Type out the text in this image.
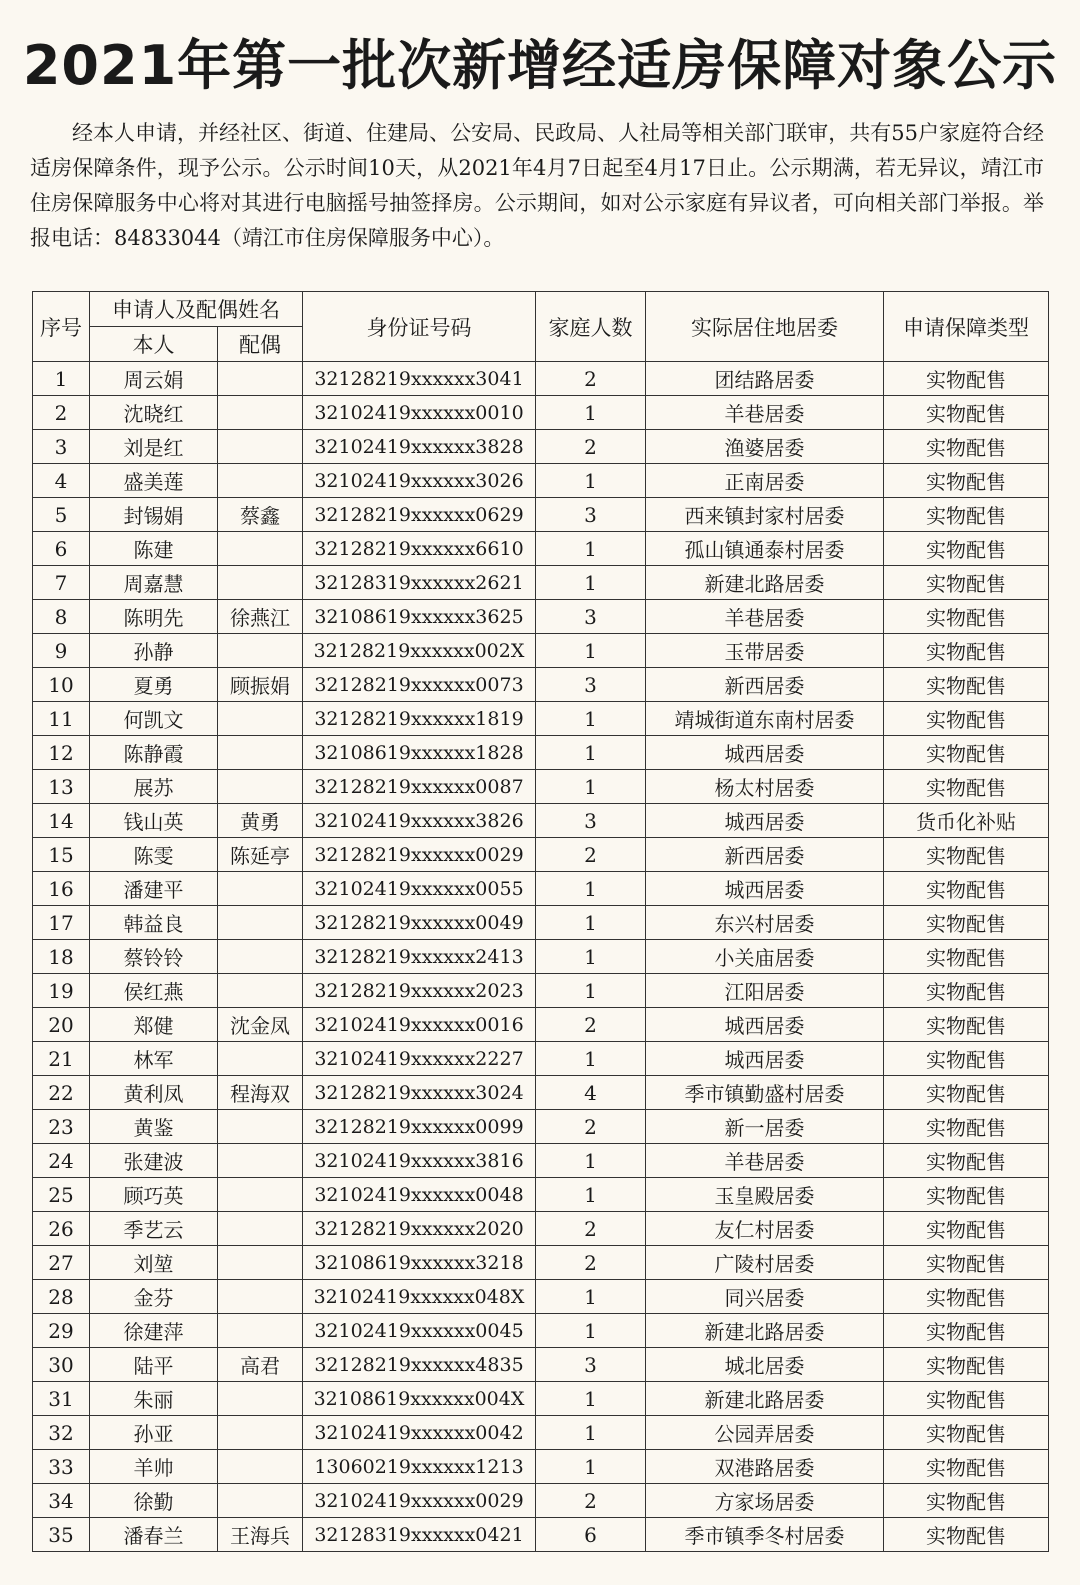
2021年第一批次新增经适房保障对象公示

经本人申请，并经社区、街道、住建局、公安局、民政局、人社局等相关部门联审，共有55户家庭符合经适房保障条件，现予公示。公示时间10天，从2021年4月7日起至4月17日止。公示期满，若无异议，靖江市住房保障服务中心将对其进行电脑摇号抽签择房。公示期间，如对公示家庭有异议者，可向相关部门举报。举报电话：84833044（靖江市住房保障服务中心）。

序号	申请人及配偶姓名		身份证号码	家庭人数	实际居住地居委	申请保障类型
	本人	配偶				
1	周云娟		32128219xxxxxx3041	2	团结路居委	实物配售
2	沈晓红		32102419xxxxxx0010	1	羊巷居委	实物配售
3	刘是红		32102419xxxxxx3828	2	渔婆居委	实物配售
4	盛美莲		32102419xxxxxx3026	1	正南居委	实物配售
5	封锡娟	蔡鑫	32128219xxxxxx0629	3	西来镇封家村居委	实物配售
6	陈建		32128219xxxxxx6610	1	孤山镇通泰村居委	实物配售
7	周嘉慧		32128319xxxxxx2621	1	新建北路居委	实物配售
8	陈明先	徐燕江	32108619xxxxxx3625	3	羊巷居委	实物配售
9	孙静		32128219xxxxxx002X	1	玉带居委	实物配售
10	夏勇	顾振娟	32128219xxxxxx0073	3	新西居委	实物配售
11	何凯文		32128219xxxxxx1819	1	靖城街道东南村居委	实物配售
12	陈静霞		32108619xxxxxx1828	1	城西居委	实物配售
13	展苏		32128219xxxxxx0087	1	杨太村居委	实物配售
14	钱山英	黄勇	32102419xxxxxx3826	3	城西居委	货币化补贴
15	陈雯	陈延亭	32128219xxxxxx0029	2	新西居委	实物配售
16	潘建平		32102419xxxxxx0055	1	城西居委	实物配售
17	韩益良		32128219xxxxxx0049	1	东兴村居委	实物配售
18	蔡铃铃		32128219xxxxxx2413	1	小关庙居委	实物配售
19	侯红燕		32128219xxxxxx2023	1	江阳居委	实物配售
20	郑健	沈金凤	32102419xxxxxx0016	2	城西居委	实物配售
21	林军		32102419xxxxxx2227	1	城西居委	实物配售
22	黄利凤	程海双	32128219xxxxxx3024	4	季市镇勤盛村居委	实物配售
23	黄鉴		32128219xxxxxx0099	2	新一居委	实物配售
24	张建波		32102419xxxxxx3816	1	羊巷居委	实物配售
25	顾巧英		32102419xxxxxx0048	1	玉皇殿居委	实物配售
26	季艺云		32128219xxxxxx2020	2	友仁村居委	实物配售
27	刘堃		32108619xxxxxx3218	2	广陵村居委	实物配售
28	金芬		32102419xxxxxx048X	1	同兴居委	实物配售
29	徐建萍		32102419xxxxxx0045	1	新建北路居委	实物配售
30	陆平	高君	32128219xxxxxx4835	3	城北居委	实物配售
31	朱丽		32108619xxxxxx004X	1	新建北路居委	实物配售
32	孙亚		32102419xxxxxx0042	1	公园弄居委	实物配售
33	羊帅		13060219xxxxxx1213	1	双港路居委	实物配售
34	徐勤		32102419xxxxxx0029	2	方家场居委	实物配售
35	潘春兰	王海兵	32128319xxxxxx0421	6	季市镇季冬村居委	实物配售
